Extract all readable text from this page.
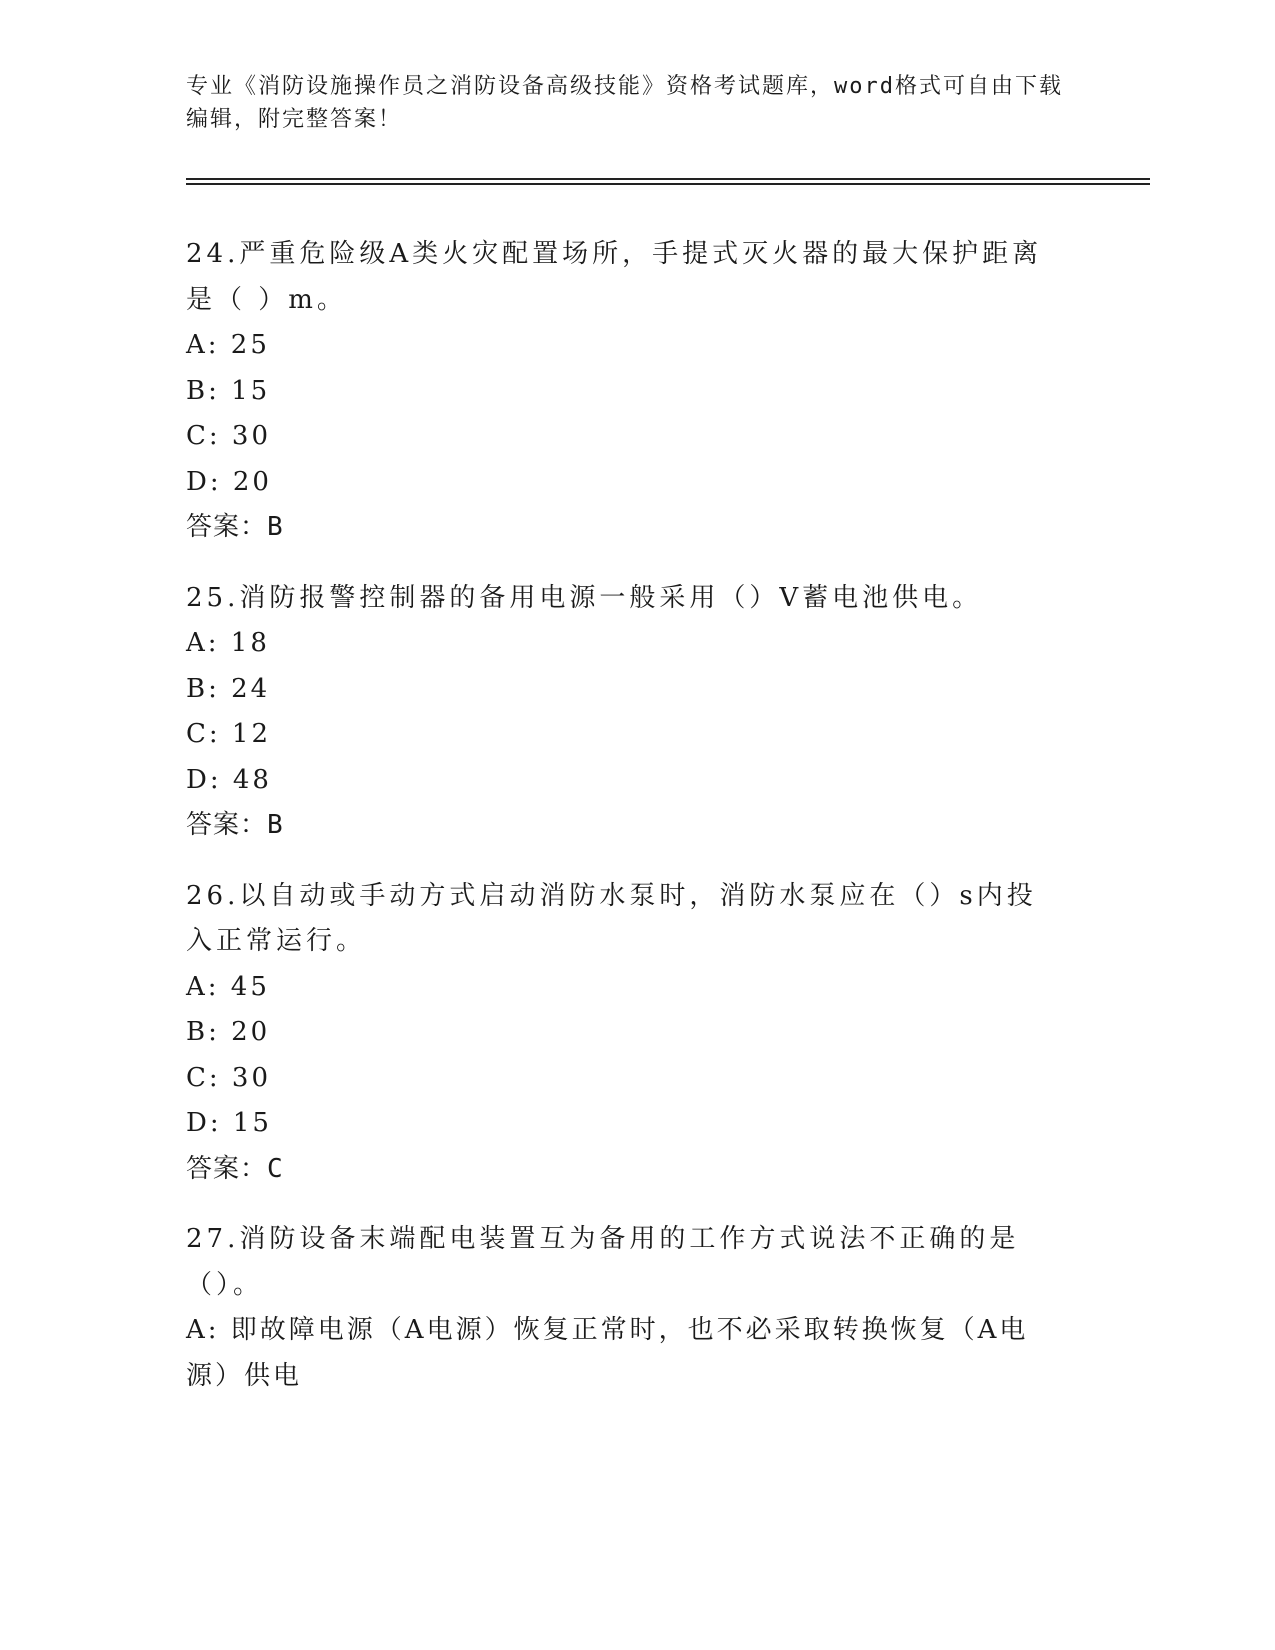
专业《消防设施操作员之消防设备高级技能》资格考试题库，word格式可自由下载编辑，附完整答案！
24.严重危险级A类火灾配置场所，手提式灭火器的最大保护距离是（ ）m。
A: 25
B: 15
C: 30
D: 20
答案：B
25.消防报警控制器的备用电源一般采用（）V蓄电池供电。
A: 18
B: 24
C: 12
D: 48
答案：B
26.以自动或手动方式启动消防水泵时，消防水泵应在（）s内投入正常运行。
A: 45
B: 20
C: 30
D: 15
答案：C
27.消防设备末端配电装置互为备用的工作方式说法不正确的是（）。
A: 即故障电源（A电源）恢复正常时，也不必采取转换恢复（A电源）供电
